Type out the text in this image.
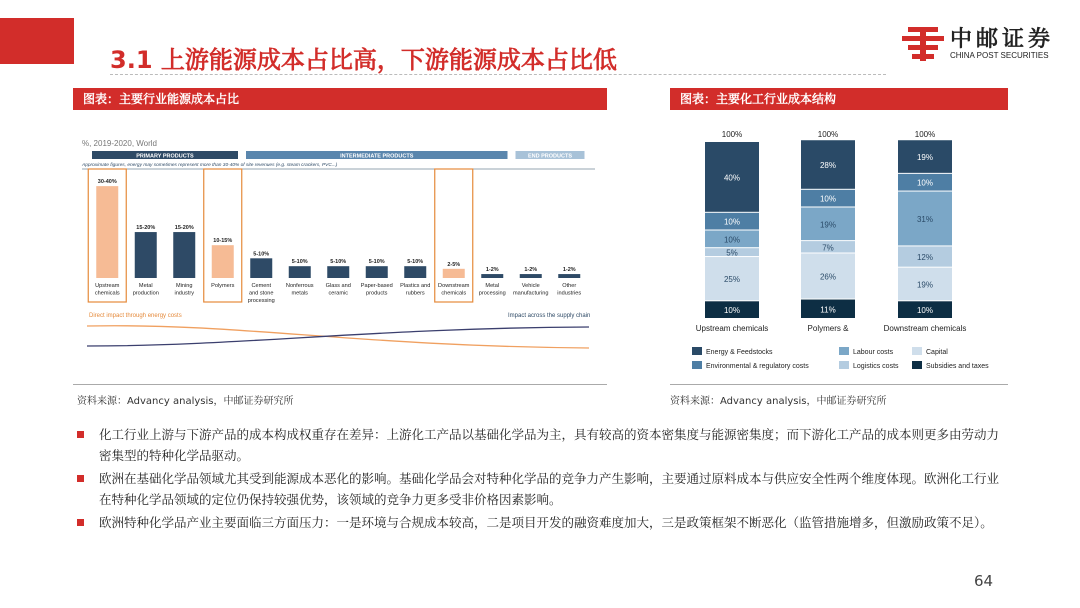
3.1 上游能源成本占比高，下游能源成本占比低
中邮证券
CHINA POST SECURITIES
图表：主要行业能源成本占比	图表：主要化工行业成本结构
%, 2019-2020, World
PRIMARY PRODUCTS	INTERMEDIATE PRODUCTS	END PRODUCTS
Approximate figures, energy may sometimes represent more than 30-40% of site revenues (e.g. steam crackers, PVC...)
30-40%
Upstream
chemicals
15-20%
Metal
production
15-20%
Mining
industry
10-15%
Polymers
5-10%
Cement
and stone
processing
5-10%
Nonferrous
metals
5-10%
Glass and
ceramic
5-10%
Paper-based
products
5-10%
Plastics and
rubbers
2-5%
Downstream
chemicals
1-2%
Metal
processing
1-2%
Vehicle
manufacturing
1-2%
Other
industries
Direct impact through energy costs	Impact across the supply chain
100%
10%
25%
5%
10%
10%
40%
Upstream chemicals
100%
11%
26%
7%
19%
10%
28%
Polymers &
100%
10%
19%
12%
31%
10%
19%
Downstream chemicals
Energy & Feedstocks	Labour costs	Capital
Environmental & regulatory costs	Logistics costs	Subsidies and taxes
资料来源：Advancy analysis，中邮证券研究所	资料来源：Advancy analysis，中邮证券研究所
化工行业上游与下游产品的成本构成权重存在差异：上游化工产品以基础化学品为主，具有较高的资本密集度与能源密集度；而下游化工产品的成本则更多由劳动力密集型的特种化学品驱动。
欧洲在基础化学品领域尤其受到能源成本恶化的影响。基础化学品会对特种化学品的竞争力产生影响，主要通过原料成本与供应安全性两个维度体现。欧洲化工行业在特种化学品领域的定位仍保持较强优势，该领域的竞争力更多受非价格因素影响。
欧洲特种化学品产业主要面临三方面压力：一是环境与合规成本较高，二是项目开发的融资难度加大，三是政策框架不断恶化（监管措施增多，但激励政策不足）。
64
